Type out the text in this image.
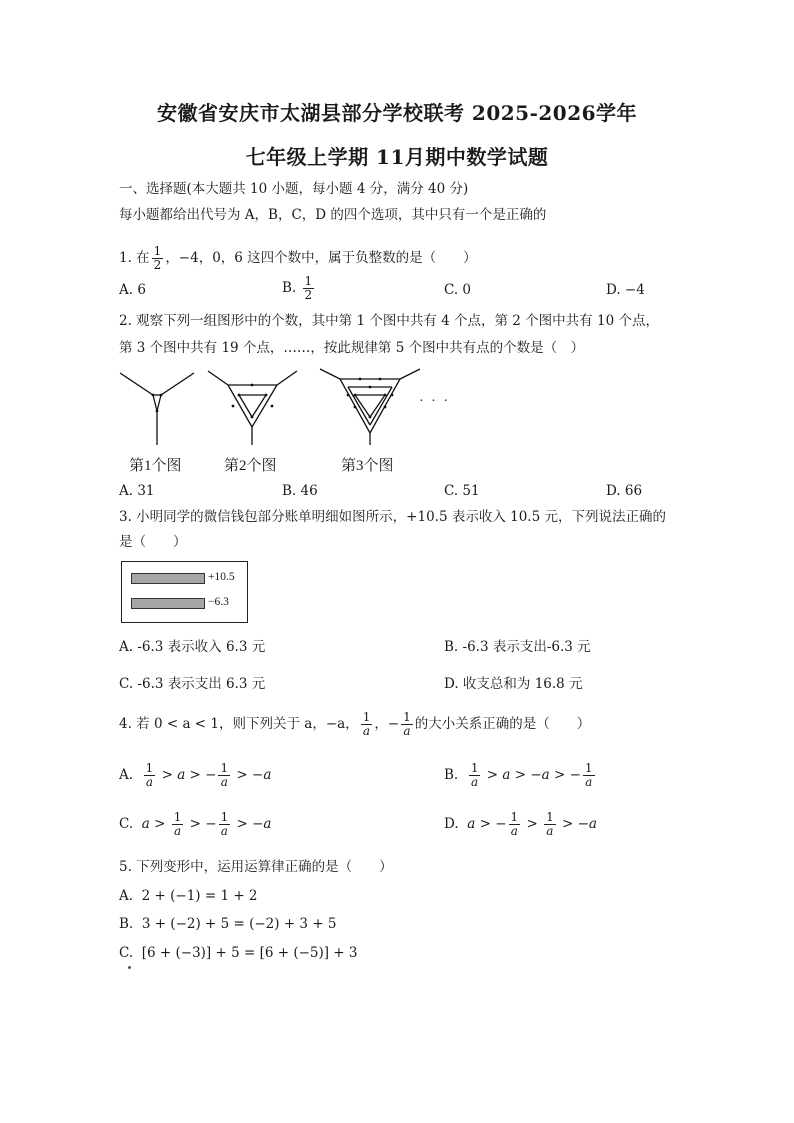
安徽省安庆市太湖县部分学校联考 2025-2026学年
七年级上学期 11月期中数学试题
一、选择题(本大题共 10 小题，每小题 4 分，满分 40 分)
每小题都给出代号为 A，B，C，D 的四个选项，其中只有一个是正确的
1. 在 $\frac{1}{2}$ ，−4，0，6 这四个数中，属于负整数的是（　　）
A. 6	B. $\frac{1}{2}$	C. 0	D. −4
2. 观察下列一组图形中的个数，其中第 1 个图中共有 4 个点，第 2 个图中共有 10 个点，
第 3 个图中共有 19 个点，……，按此规律第 5 个图中共有点的个数是（　）
· · ·
第1个图	第2个图	第3个图
A. 31	B. 46	C. 51	D. 66
3. 小明同学的微信钱包部分账单明细如图所示，+10.5 表示收入 10.5 元，下列说法正确的
是（　　）
+10.5
−6.3
A. -6.3 表示收入 6.3 元	B. -6.3 表示支出-6.3 元
C. -6.3 表示支出 6.3 元	D. 收支总和为 16.8 元
4. 若 0 < a < 1，则下列关于 a，−a， $\frac{1}{a}$ ，− $\frac{1}{a}$ 的大小关系正确的是（　　）
A. $\frac{1}{a} > a$ > − $\frac{1}{a} > -a$	B. $\frac{1}{a} > a > -a$ > − $\frac{1}{a}$
C. $a > \frac{1}{a}$ > − $\frac{1}{a} > -a$	D. a > − $\frac{1}{a} > \frac{1}{a} > -a$
5. 下列变形中，运用运算律正确的是（　　）
A. 2 + (−1) = 1 + 2
B. 3 + (−2) + 5 = (−2) + 3 + 5
C. [6 + (−3)] + 5 = [6 + (−5)] + 3
